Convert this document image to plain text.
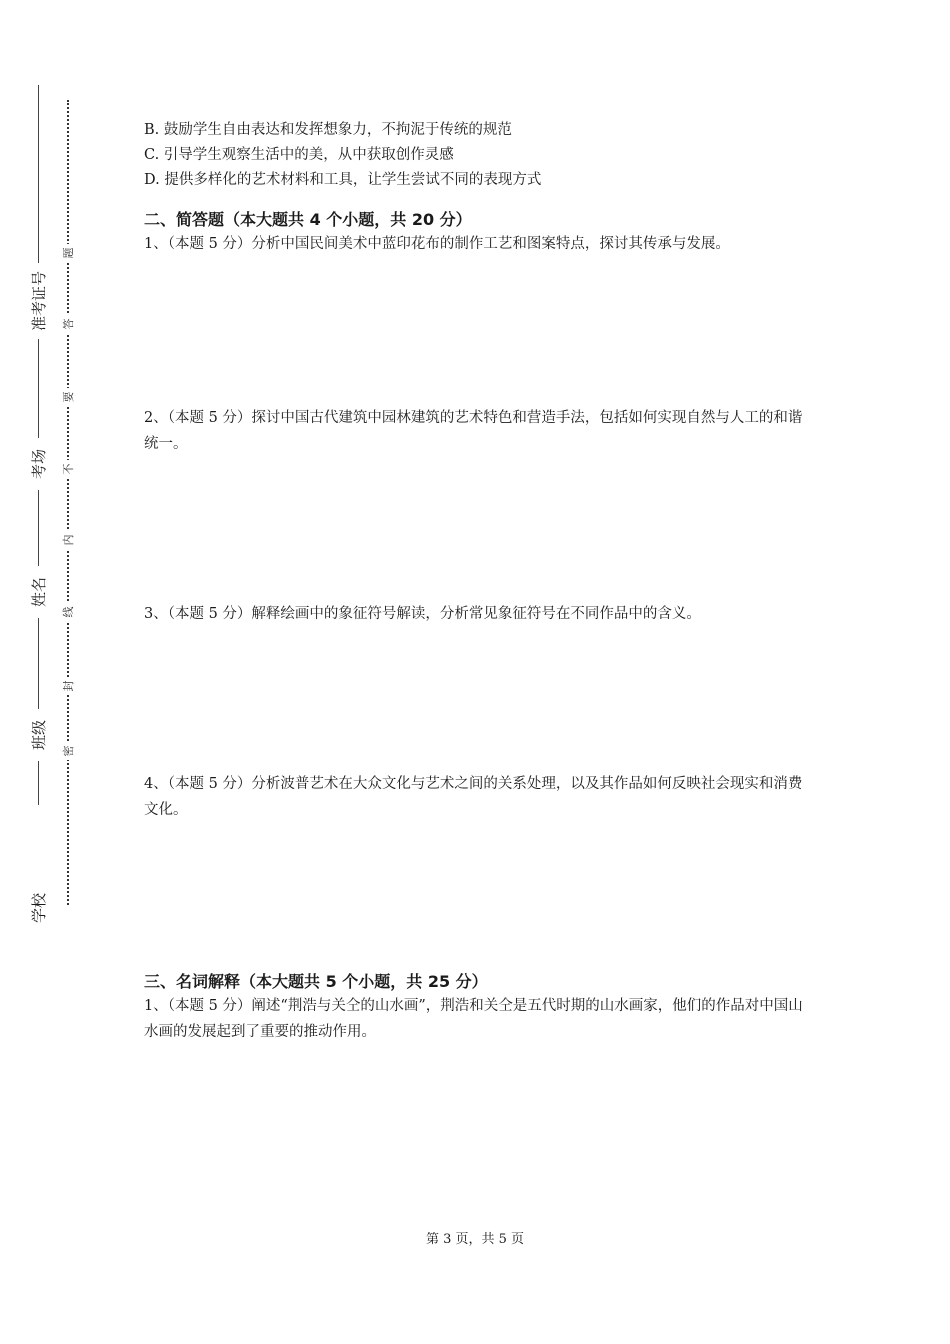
准考证号
考场
姓名
班级
学校
题
答
要
不
内
线
封
密

B. 鼓励学生自由表达和发挥想象力，不拘泥于传统的规范

C. 引导学生观察生活中的美，从中获取创作灵感

D. 提供多样化的艺术材料和工具，让学生尝试不同的表现方式

二、简答题（本大题共 4 个小题，共 20 分）

1、（本题 5 分）分析中国民间美术中蓝印花布的制作工艺和图案特点，探讨其传承与发展。

2、（本题 5 分）探讨中国古代建筑中园林建筑的艺术特色和营造手法，包括如何实现自然与人工的和谐统一。

3、（本题 5 分）解释绘画中的象征符号解读，分析常见象征符号在不同作品中的含义。

4、（本题 5 分）分析波普艺术在大众文化与艺术之间的关系处理，以及其作品如何反映社会现实和消费文化。

三、名词解释（本大题共 5 个小题，共 25 分）

1、（本题 5 分）阐述“荆浩与关仝的山水画”，荆浩和关仝是五代时期的山水画家，他们的作品对中国山水画的发展起到了重要的推动作用。

第 3 页，共 5 页
